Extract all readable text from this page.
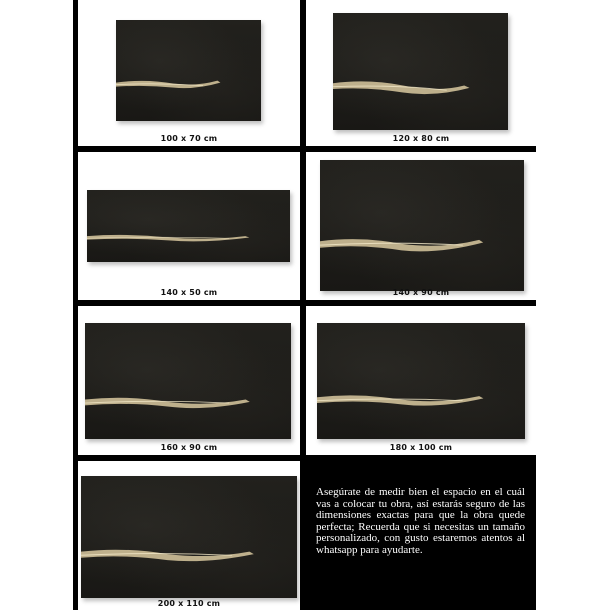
100 x 70 cm	120 x 80 cm
140 x 50 cm	140 x 90 cm
160 x 90 cm	180 x 100 cm
200 x 110 cm

Asegúrate de medir bien el espacio en el cuál vas a colocar tu obra, así estarás seguro de las dimensiones exactas para que la obra quede perfecta; Recuerda que si necesitas un tamaño personalizado, con gusto estaremos atentos al whatsapp para ayudarte.
